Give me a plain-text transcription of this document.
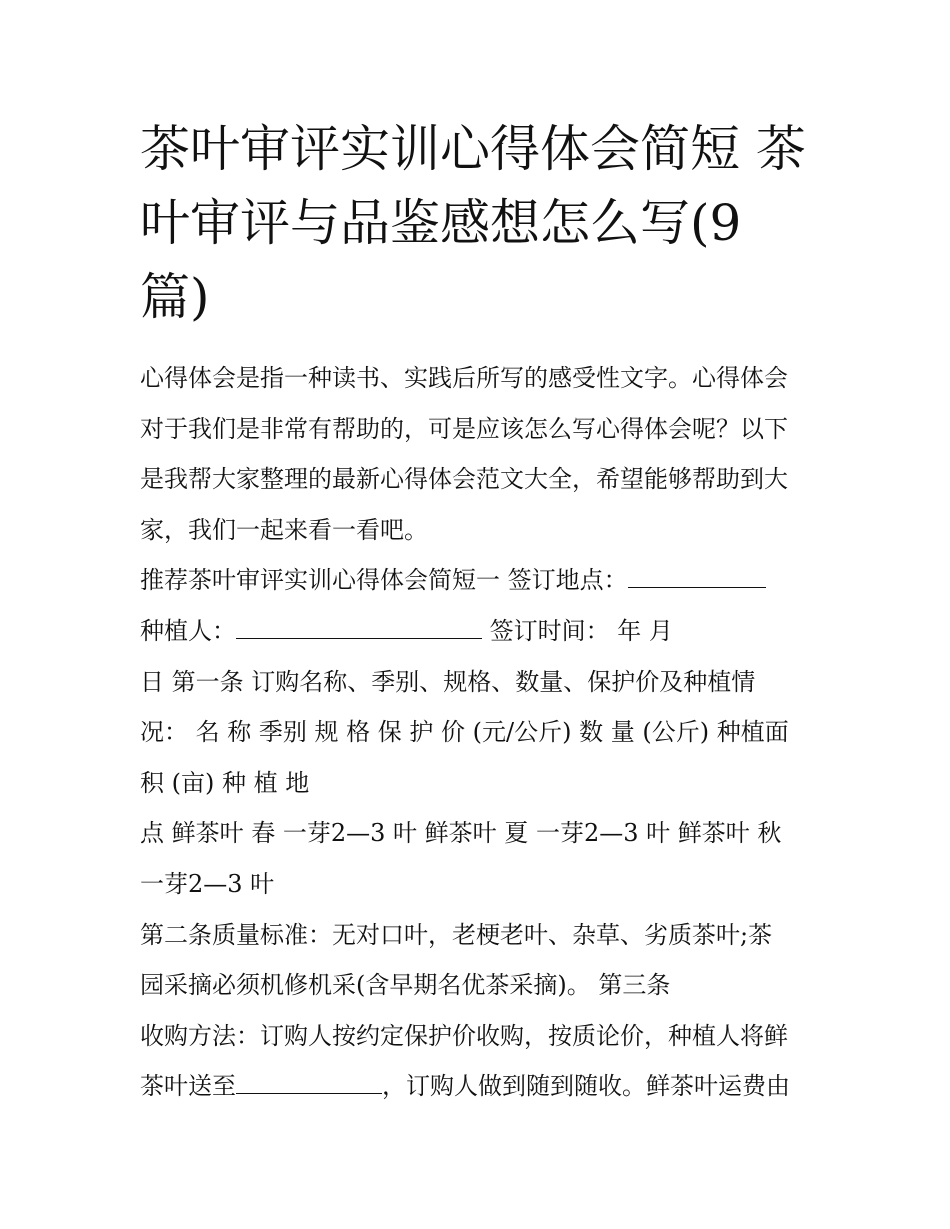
茶叶审评实训心得体会简短 茶
叶审评与品鉴感想怎么写(9
篇)
心得体会是指一种读书、实践后所写的感受性文字。心得体会
对于我们是非常有帮助的，可是应该怎么写心得体会呢？以下
是我帮大家整理的最新心得体会范文大全，希望能够帮助到大
家，我们一起来看一看吧。
推荐茶叶审评实训心得体会简短一 签订地点：
种植人：	签订时间： 年 月
日 第一条 订购名称、季别、规格、数量、保护价及种植情
况： 名 称 季别 规 格 保 护 价 (元/公斤) 数 量 (公斤) 种植面
积 (亩) 种 植 地
点 鲜茶叶 春 一芽2—3 叶 鲜茶叶 夏 一芽2—3 叶 鲜茶叶 秋
一芽2—3 叶
第二条质量标准：无对口叶，老梗老叶、杂草、劣质茶叶;茶
园采摘必须机修机采(含早期名优茶采摘)。 第三条
收购方法：订购人按约定保护价收购，按质论价，种植人将鲜
茶叶送至	，订购人做到随到随收。鲜茶叶运费由
